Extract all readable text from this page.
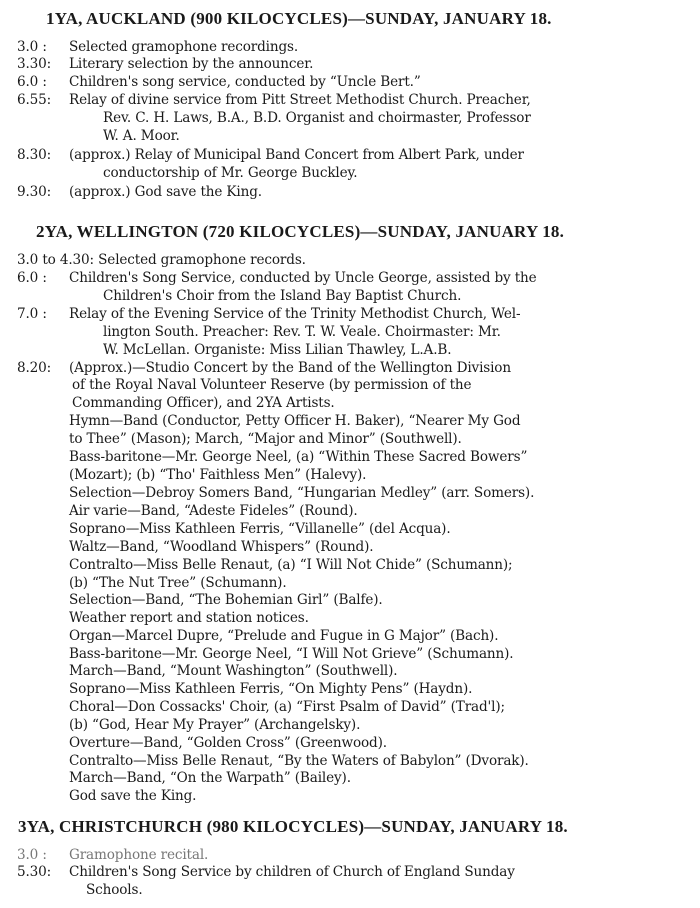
1YA, AUCKLAND (900 KILOCYCLES)—SUNDAY, JANUARY 18.
3.0 : Selected gramophone recordings.
3.30: Literary selection by the announcer.
6.0 : Children's song service, conducted by “Uncle Bert.”
6.55: Relay of divine service from Pitt Street Methodist Church. Preacher,
Rev. C. H. Laws, B.A., B.D. Organist and choirmaster, Professor
W. A. Moor.
8.30: (approx.) Relay of Municipal Band Concert from Albert Park, under
conductorship of Mr. George Buckley.
9.30: (approx.) God save the King.
2YA, WELLINGTON (720 KILOCYCLES)—SUNDAY, JANUARY 18.
3.0 to 4.30: Selected gramophone records.
6.0 : Children's Song Service, conducted by Uncle George, assisted by the
Children's Choir from the Island Bay Baptist Church.
7.0 : Relay of the Evening Service of the Trinity Methodist Church, Wel-
lington South. Preacher: Rev. T. W. Veale. Choirmaster: Mr.
W. McLellan. Organiste: Miss Lilian Thawley, L.A.B.
8.20: (Approx.)—Studio Concert by the Band of the Wellington Division
of the Royal Naval Volunteer Reserve (by permission of the
Commanding Officer), and 2YA Artists.
Hymn—Band (Conductor, Petty Officer H. Baker), “Nearer My God
to Thee” (Mason); March, “Major and Minor” (Southwell).
Bass-baritone—Mr. George Neel, (a) “Within These Sacred Bowers”
(Mozart); (b) “Tho' Faithless Men” (Halevy).
Selection—Debroy Somers Band, “Hungarian Medley” (arr. Somers).
Air varie—Band, “Adeste Fideles” (Round).
Soprano—Miss Kathleen Ferris, “Villanelle” (del Acqua).
Waltz—Band, “Woodland Whispers” (Round).
Contralto—Miss Belle Renaut, (a) “I Will Not Chide” (Schumann);
(b) “The Nut Tree” (Schumann).
Selection—Band, “The Bohemian Girl” (Balfe).
Weather report and station notices.
Organ—Marcel Dupre, “Prelude and Fugue in G Major” (Bach).
Bass-baritone—Mr. George Neel, “I Will Not Grieve” (Schumann).
March—Band, “Mount Washington” (Southwell).
Soprano—Miss Kathleen Ferris, “On Mighty Pens” (Haydn).
Choral—Don Cossacks' Choir, (a) “First Psalm of David” (Trad'l);
(b) “God, Hear My Prayer” (Archangelsky).
Overture—Band, “Golden Cross” (Greenwood).
Contralto—Miss Belle Renaut, “By the Waters of Babylon” (Dvorak).
March—Band, “On the Warpath” (Bailey).
God save the King.
3YA, CHRISTCHURCH (980 KILOCYCLES)—SUNDAY, JANUARY 18.
3.0 : Gramophone recital.
5.30: Children's Song Service by children of Church of England Sunday
Schools.
